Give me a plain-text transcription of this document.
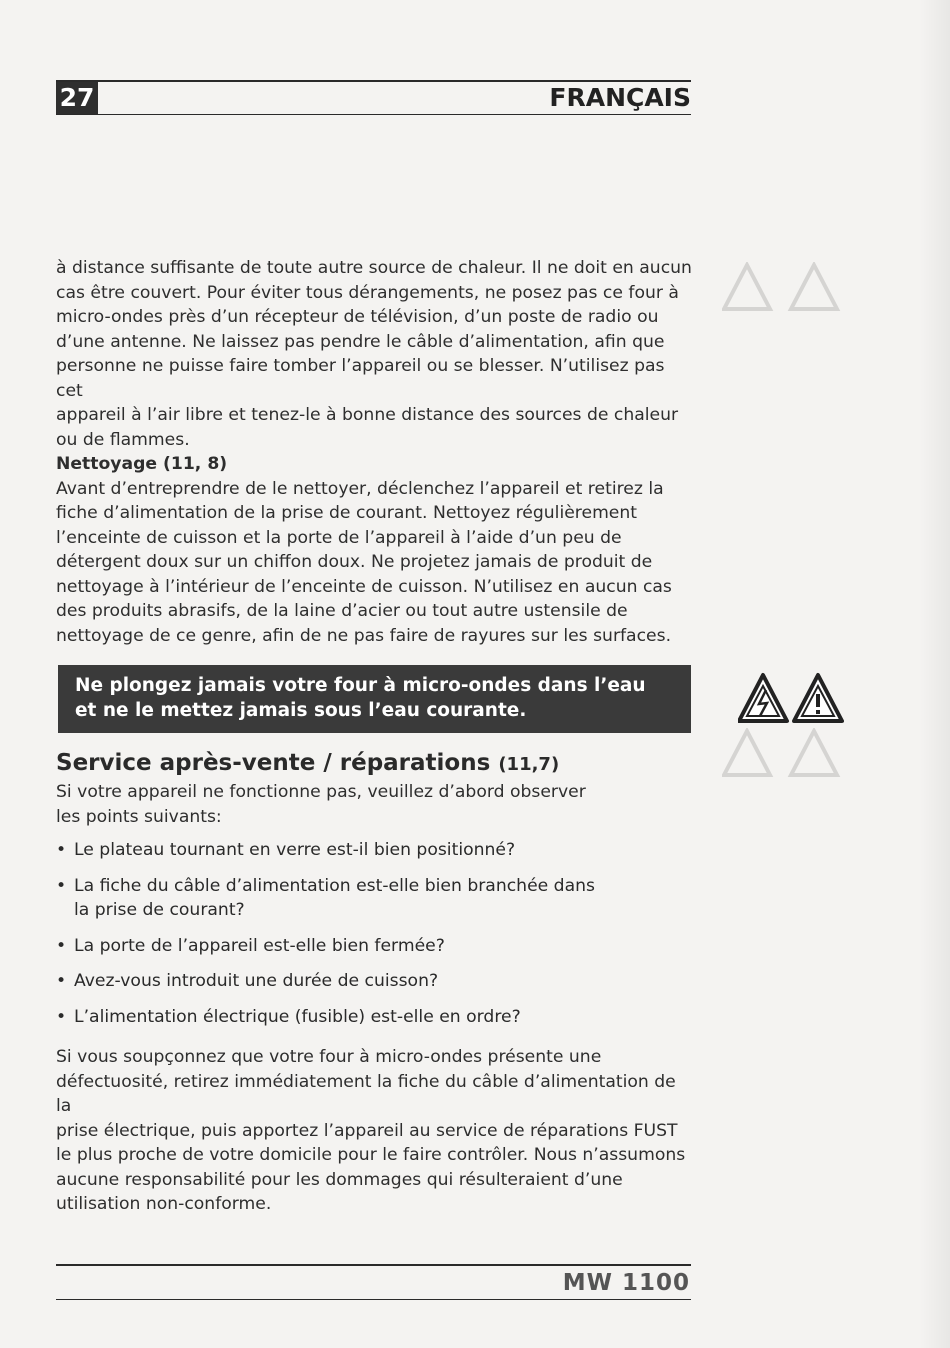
27	FRANÇAIS
à distance suffisante de toute autre source de chaleur. Il ne doit en aucun
cas être couvert. Pour éviter tous dérangements, ne posez pas ce four à
micro-ondes près d’un récepteur de télévision, d’un poste de radio ou
d’une antenne. Ne laissez pas pendre le câble d’alimentation, afin que
personne ne puisse faire tomber l’appareil ou se blesser. N’utilisez pas cet
appareil à l’air libre et tenez-le à bonne distance des sources de chaleur
ou de flammes.
Nettoyage (11, 8)
Avant d’entreprendre de le nettoyer, déclenchez l’appareil et retirez la
fiche d’alimentation de la prise de courant. Nettoyez régulièrement
l’enceinte de cuisson et la porte de l’appareil à l’aide d’un peu de
détergent doux sur un chiffon doux. Ne projetez jamais de produit de
nettoyage à l’intérieur de l’enceinte de cuisson. N’utilisez en aucun cas
des produits abrasifs, de la laine d’acier ou tout autre ustensile de
nettoyage de ce genre, afin de ne pas faire de rayures sur les surfaces.
Ne plongez jamais votre four à micro-ondes dans l’eau
et ne le mettez jamais sous l’eau courante.
Service après-vente / réparations (11,7)
Si votre appareil ne fonctionne pas, veuillez d’abord observer
les points suivants:
• Le plateau tournant en verre est-il bien positionné?
• La fiche du câble d’alimentation est-elle bien branchée dans
la prise de courant?
• La porte de l’appareil est-elle bien fermée?
• Avez-vous introduit une durée de cuisson?
• L’alimentation électrique (fusible) est-elle en ordre?
Si vous soupçonnez que votre four à micro-ondes présente une
défectuosité, retirez immédiatement la fiche du câble d’alimentation de la
prise électrique, puis apportez l’appareil au service de réparations FUST
le plus proche de votre domicile pour le faire contrôler. Nous n’assumons
aucune responsabilité pour les dommages qui résulteraient d’une
utilisation non-conforme.
MW 1100
